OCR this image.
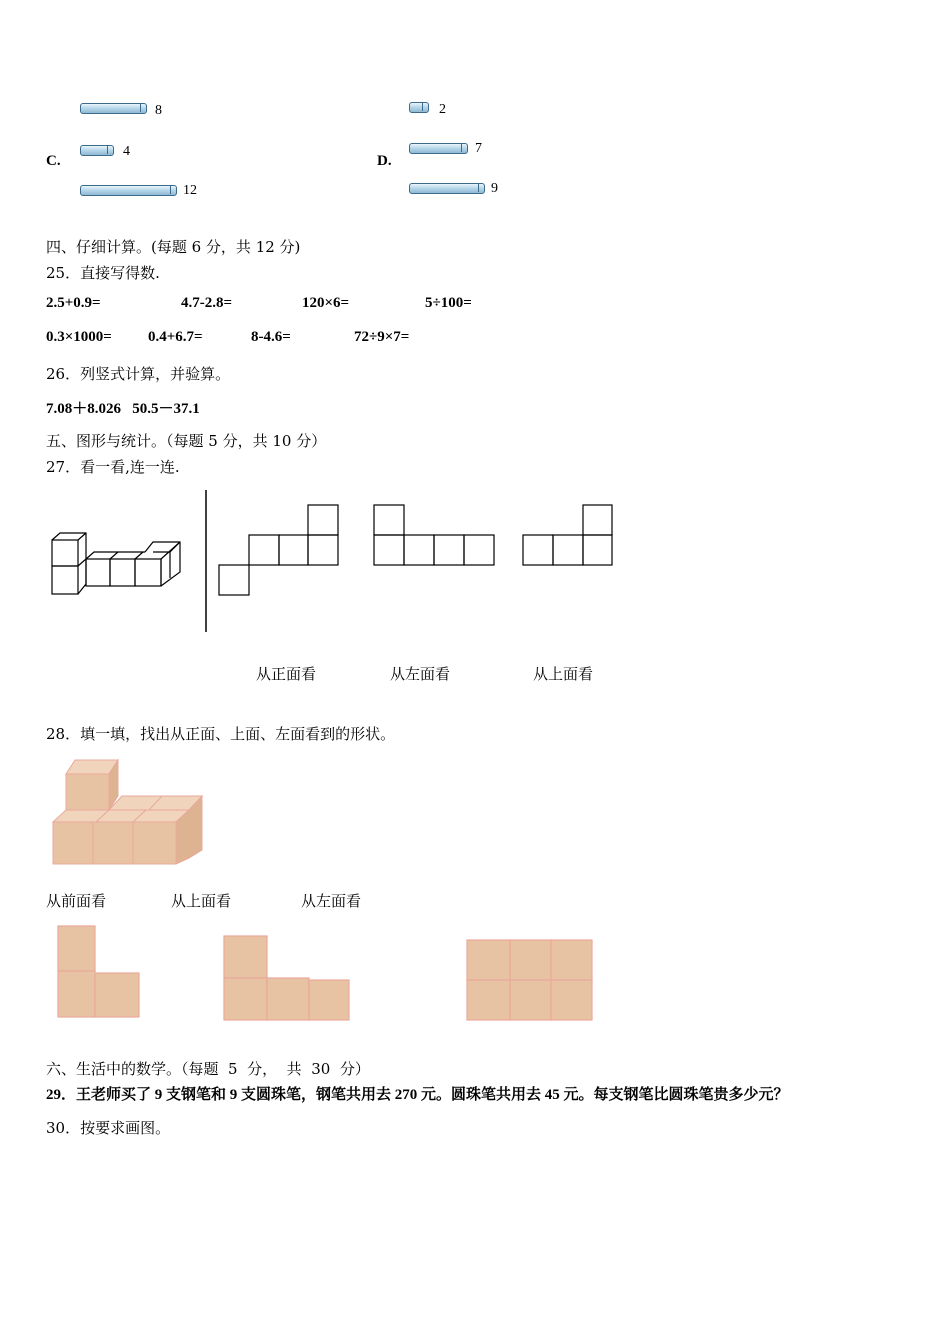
8
C.
4
12
2
D.
7
9
四、仔细计算。(每题 6 分，共 12 分)
25．直接写得数.
2.5+0.9=	4.7-2.8=	120×6=	5÷100=
0.3×1000= 0.4+6.7=	8-4.6=	72÷9×7=
26．列竖式计算，并验算。
7.08＋8.026   50.5－37.1
五、图形与统计。（每题 5 分，共 10 分）
27．看一看,连一连.
从正面看	从左面看	从上面看
28．填一填，找出从正面、上面、左面看到的形状。
从前面看	从上面看	从左面看
六、生活中的数学。（每题  5  分，  共  30  分）
29．王老师买了 9 支钢笔和 9 支圆珠笔，钢笔共用去 270 元。圆珠笔共用去 45 元。每支钢笔比圆珠笔贵多少元？
30．按要求画图。
